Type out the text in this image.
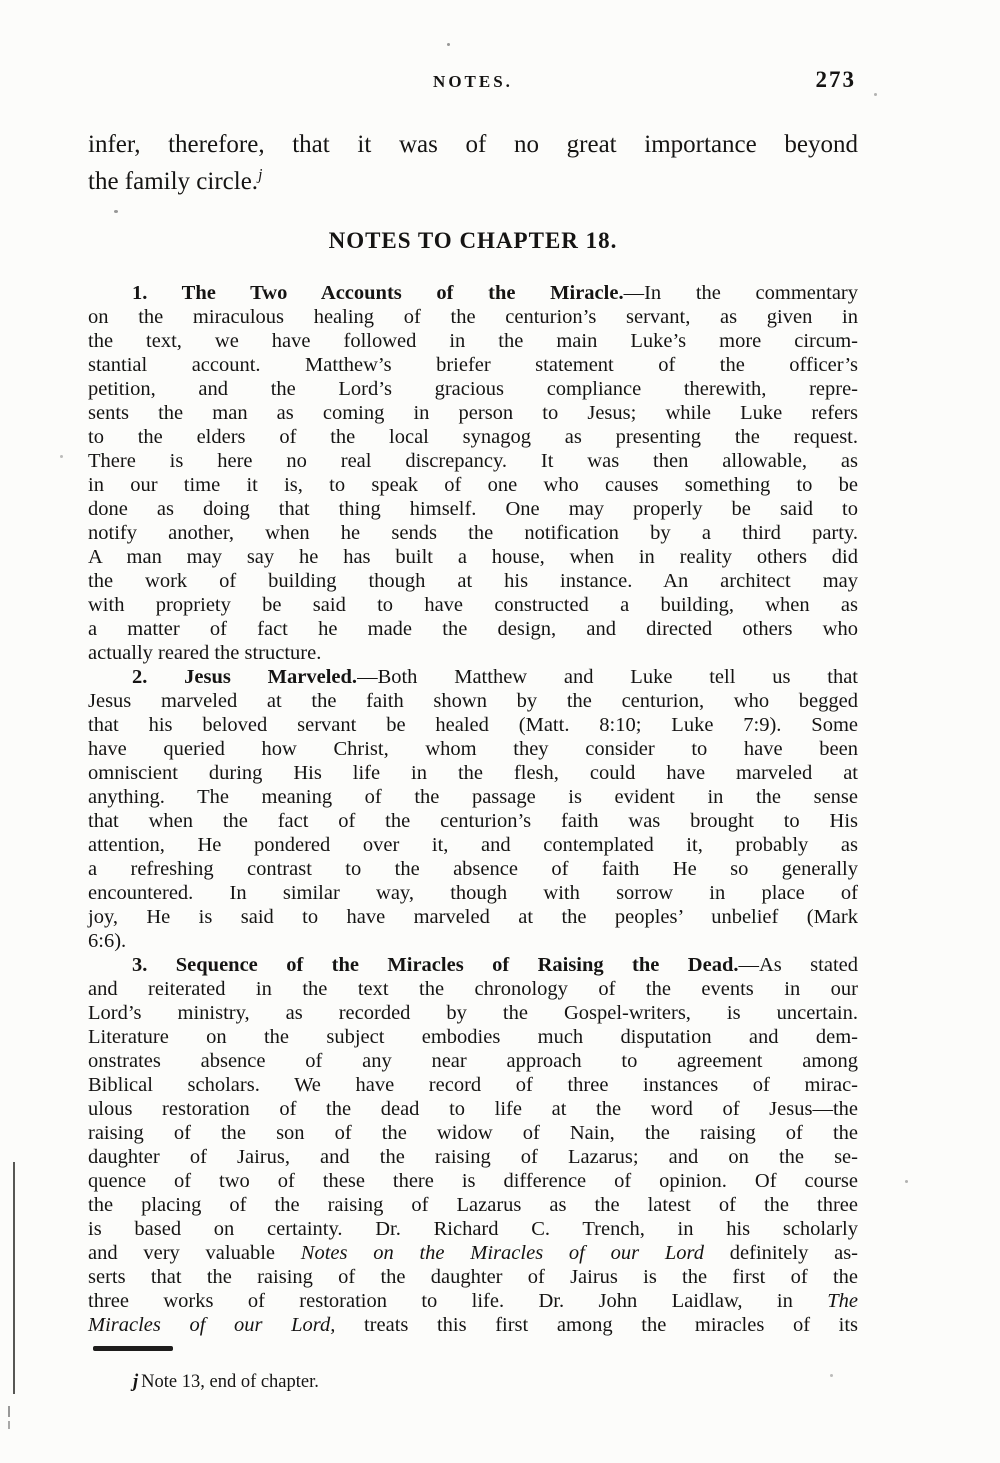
NOTES.	273
infer, therefore, that it was of no great importance beyond
the family circle.$^j$
NOTES TO CHAPTER 18.
1. The Two Accounts of the Miracle.—In the commentary
on the miraculous healing of the centurion’s servant, as given in
the text, we have followed in the main Luke’s more circum-
stantial account. Matthew’s briefer statement of the officer’s
petition, and the Lord’s gracious compliance therewith, repre-
sents the man as coming in person to Jesus; while Luke refers
to the elders of the local synagog as presenting the request.
There is here no real discrepancy. It was then allowable, as
in our time it is, to speak of one who causes something to be
done as doing that thing himself. One may properly be said to
notify another, when he sends the notification by a third party.
A man may say he has built a house, when in reality others did
the work of building though at his instance. An architect may
with propriety be said to have constructed a building, when as
a matter of fact he made the design, and directed others who
actually reared the structure.
2. Jesus Marveled.—Both Matthew and Luke tell us that
Jesus marveled at the faith shown by the centurion, who begged
that his beloved servant be healed (Matt. 8:10; Luke 7:9). Some
have queried how Christ, whom they consider to have been
omniscient during His life in the flesh, could have marveled at
anything. The meaning of the passage is evident in the sense
that when the fact of the centurion’s faith was brought to His
attention, He pondered over it, and contemplated it, probably as
a refreshing contrast to the absence of faith He so generally
encountered. In similar way, though with sorrow in place of
joy, He is said to have marveled at the peoples’ unbelief (Mark
6:6).
3. Sequence of the Miracles of Raising the Dead.—As stated
and reiterated in the text the chronology of the events in our
Lord’s ministry, as recorded by the Gospel-writers, is uncertain.
Literature on the subject embodies much disputation and dem-
onstrates absence of any near approach to agreement among
Biblical scholars. We have record of three instances of mirac-
ulous restoration of the dead to life at the word of Jesus—the
raising of the son of the widow of Nain, the raising of the
daughter of Jairus, and the raising of Lazarus; and on the se-
quence of two of these there is difference of opinion. Of course
the placing of the raising of Lazarus as the latest of the three
is based on certainty. Dr. Richard C. Trench, in his scholarly
and very valuable Notes on the Miracles of our Lord definitely as-
serts that the raising of the daughter of Jairus is the first of the
three works of restoration to life. Dr. John Laidlaw, in The
Miracles of our Lord, treats this first among the miracles of its
j Note 13, end of chapter.
